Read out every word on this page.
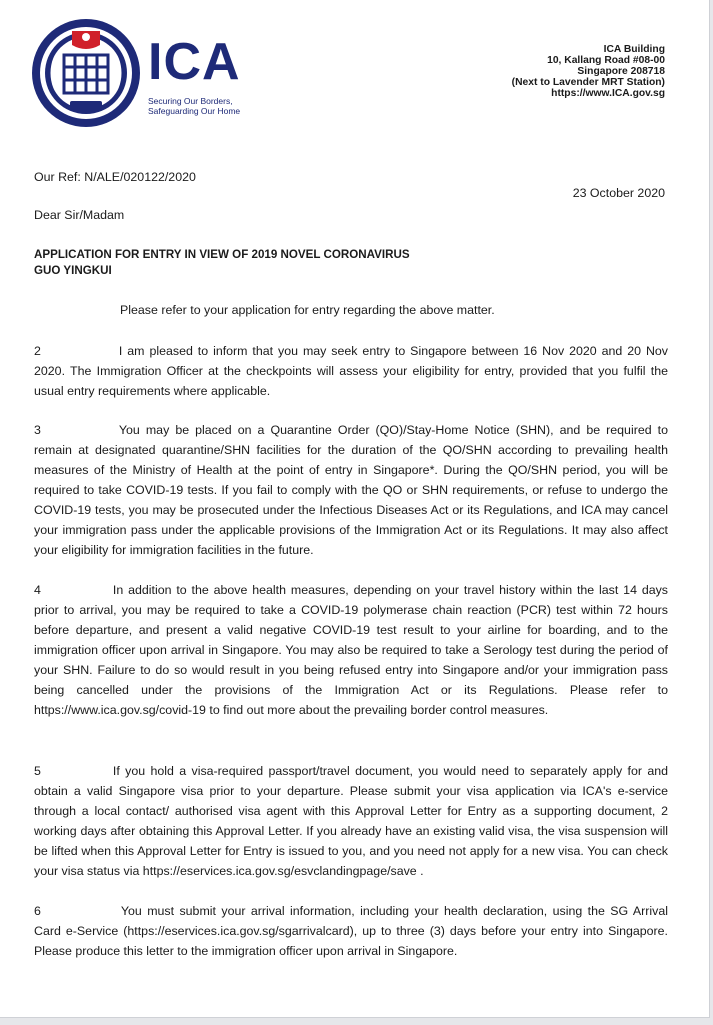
ICA
Securing Our Borders,
Safeguarding Our Home
ICA Building
10, Kallang Road #08-00
Singapore 208718
(Next to Lavender MRT Station)
https://www.ICA.gov.sg
Our Ref: N/ALE/020122/2020
23 October 2020
Dear Sir/Madam
APPLICATION FOR ENTRY IN VIEW OF 2019 NOVEL CORONAVIRUS
GUO YINGKUI
Please refer to your application for entry regarding the above matter.
2	I am pleased to inform that you may seek entry to Singapore between 16 Nov 2020 and 20 Nov 2020. The Immigration Officer at the checkpoints will assess your eligibility for entry, provided that you fulfil the usual entry requirements where applicable.
3	You may be placed on a Quarantine Order (QO)/Stay-Home Notice (SHN), and be required to remain at designated quarantine/SHN facilities for the duration of the QO/SHN according to prevailing health measures of the Ministry of Health at the point of entry in Singapore*. During the QO/SHN period, you will be required to take COVID-19 tests. If you fail to comply with the QO or SHN requirements, or refuse to undergo the COVID-19 tests, you may be prosecuted under the Infectious Diseases Act or its Regulations, and ICA may cancel your immigration pass under the applicable provisions of the Immigration Act or its Regulations. It may also affect your eligibility for immigration facilities in the future.
4	In addition to the above health measures, depending on your travel history within the last 14 days prior to arrival, you may be required to take a COVID-19 polymerase chain reaction (PCR) test within 72 hours before departure, and present a valid negative COVID-19 test result to your airline for boarding, and to the immigration officer upon arrival in Singapore. You may also be required to take a Serology test during the period of your SHN. Failure to do so would result in you being refused entry into Singapore and/or your immigration pass being cancelled under the provisions of the Immigration Act or its Regulations. Please refer to https://www.ica.gov.sg/covid-19 to find out more about the prevailing border control measures.
5	If you hold a visa-required passport/travel document, you would need to separately apply for and obtain a valid Singapore visa prior to your departure. Please submit your visa application via ICA's e-service through a local contact/ authorised visa agent with this Approval Letter for Entry as a supporting document, 2 working days after obtaining this Approval Letter. If you already have an existing valid visa, the visa suspension will be lifted when this Approval Letter for Entry is issued to you, and you need not apply for a new visa. You can check your visa status via https://eservices.ica.gov.sg/esvclandingpage/save .
6	You must submit your arrival information, including your health declaration, using the SG Arrival Card e-Service (https://eservices.ica.gov.sg/sgarrivalcard), up to three (3) days before your entry into Singapore. Please produce this letter to the immigration officer upon arrival in Singapore.
